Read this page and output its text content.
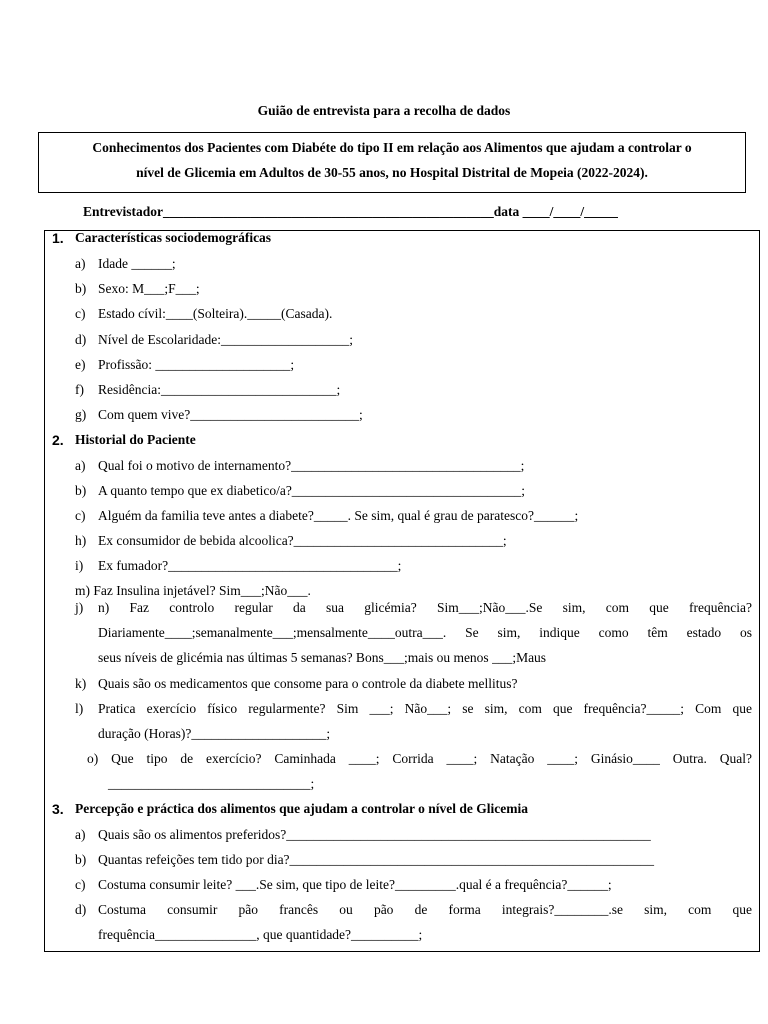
Guião de entrevista para a recolha de dados
Conhecimentos dos Pacientes com Diabéte do tipo II em relação aos Alimentos que ajudam a controlar o
nível de Glicemia em Adultos de 30-55 anos, no Hospital Distrital de Mopeia (2022-2024).
Entrevistador_________________________________________________data ____/____/_____
1. Características sociodemográficas
a) Idade ______;
b) Sexo: M___;F___;
c) Estado cívil:____(Solteira)._____(Casada).
d) Nível de Escolaridade:___________________;
e) Profissão: ____________________;
f) Residência:__________________________;
g) Com quem vive?_________________________;
2. Historial do Paciente
a) Qual foi o motivo de internamento?__________________________________;
b) A quanto tempo que ex diabetico/a?__________________________________;
c) Alguém da familia teve antes a diabete?_____. Se sim, qual é grau de paratesco?______;
h) Ex consumidor de bebida alcoolica?_______________________________;
i) Ex fumador?__________________________________;
m) Faz Insulina injetável? Sim___;Não___.
j) n) Faz controlo regular da sua glicémia? Sim___;Não___.Se sim, com que frequência?
Diariamente____;semanalmente___;mensalmente____outra___. Se sim, indique como têm estado os
seus níveis de glicémia nas últimas 5 semanas? Bons___;mais ou menos ___;Maus
k) Quais são os medicamentos que consome para o controle da diabete mellitus?
l) Pratica exercício físico regularmente? Sim ___; Não___; se sim, com que frequência?_____; Com que
duração (Horas)?____________________;
o) Que tipo de exercício? Caminhada ____; Corrida ____; Natação ____; Ginásio____ Outra. Qual?
______________________________;
3. Percepção e práctica dos alimentos que ajudam a controlar o nível de Glicemia
a) Quais são os alimentos preferidos?______________________________________________________
b) Quantas refeições tem tido por dia?______________________________________________________
c) Costuma consumir leite? ___.Se sim, que tipo de leite?_________.qual é a frequência?______;
d) Costuma consumir pão francês ou pão de forma integrais?________.se sim, com que
frequência_______________, que quantidade?__________;
